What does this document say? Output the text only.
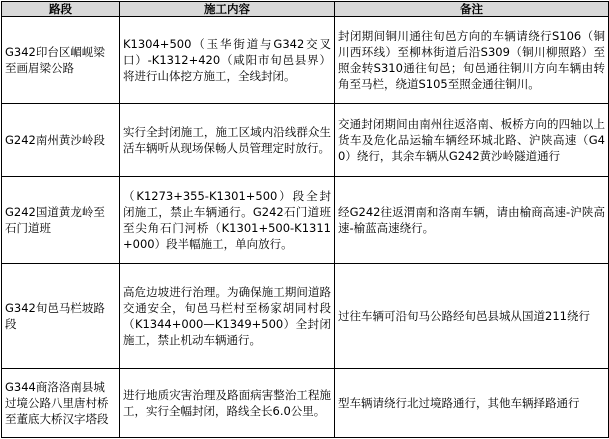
路段	施工内容	备注
G342印台区嵋岘梁至画眉梁公路	K1304+500（玉华街道与G342交叉口）-K1312+420（咸阳市旬邑县界）将进行山体挖方施工，全线封闭。	封闭期间铜川通往旬邑方向的车辆请绕行S106（铜川西环线）至柳林街道后沿S309（铜川柳照路）至照金转S310通往旬邑；旬邑通往铜川方向车辆由转角至马栏，绕道S105至照金通往铜川。
G242南州黄沙岭段	实行全封闭施工，施工区域内沿线群众生活车辆听从现场保畅人员管理定时放行。	交通封闭期间由南州往返洛南、板桥方向的四轴以上货车及危化品运输车辆经环城北路、沪陕高速（G40）绕行，其余车辆从G242黄沙岭隧道通行
G242国道黄龙岭至石门道班	（K1273+355-K1301+500）段全封闭施工，禁止车辆通行。G242石门道班至尖角石门河桥（K1301+500-K1311+000）段半幅施工，单向放行。	经G242往返渭南和洛南车辆，请由榆商高速-沪陕高速-榆蓝高速绕行。
G342旬邑马栏坡路段	高危边坡进行治理。为确保施工期间道路交通安全，旬邑马栏村至杨家胡同村段（K1344+000—K1349+500）全封闭施工，禁止机动车辆通行。	过往车辆可沿旬马公路经旬邑县城从国道211绕行
G344商洛洛南县城过境公路八里唐村桥至董底大桥汉字塔段	进行地质灾害治理及路面病害整治工程施工，实行全幅封闭，路线全长6.0公里。	型车辆请绕行北过境路通行，其他车辆择路通行
